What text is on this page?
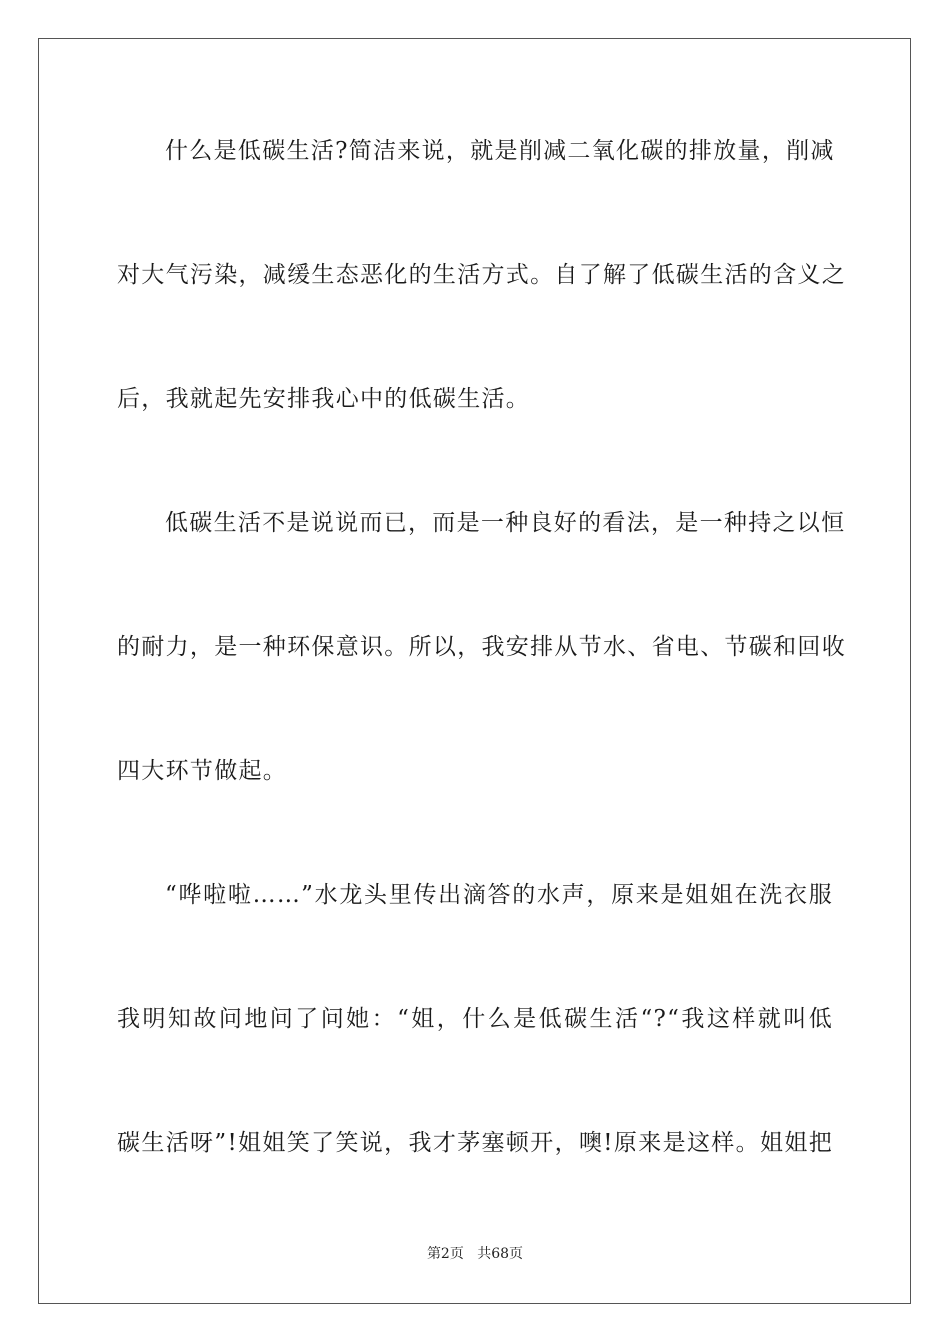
什么是低碳生活?简洁来说，就是削减二氧化碳的排放量，削减
对大气污染，减缓生态恶化的生活方式。自了解了低碳生活的含义之
后，我就起先安排我心中的低碳生活。
低碳生活不是说说而已，而是一种良好的看法，是一种持之以恒
的耐力，是一种环保意识。所以，我安排从节水、省电、节碳和回收
四大环节做起。
“哗啦啦……”水龙头里传出滴答的水声，原来是姐姐在洗衣服
我明知故问地问了问她：“姐，什么是低碳生活“?“我这样就叫低
碳生活呀”!姐姐笑了笑说，我才茅塞顿开，噢!原来是这样。姐姐把
第2页 共68页
